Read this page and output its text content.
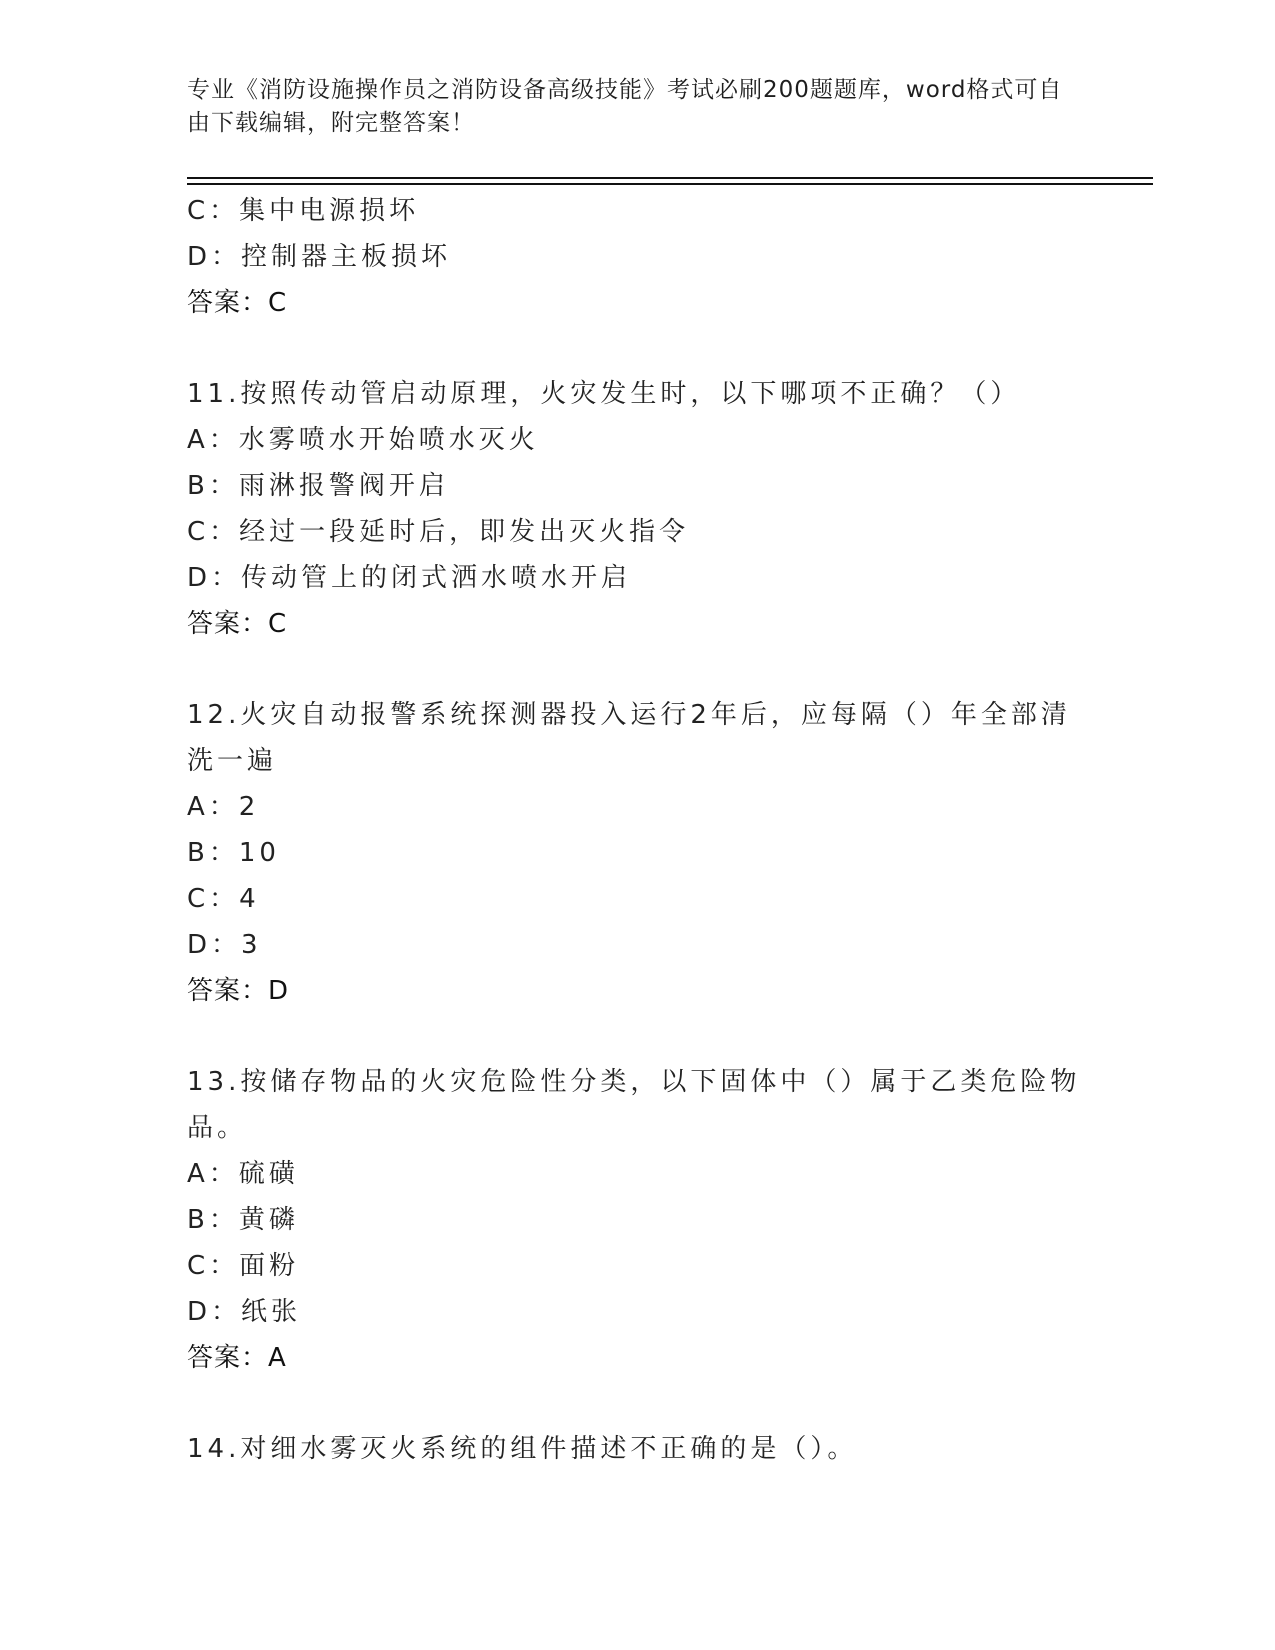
专业《消防设施操作员之消防设备高级技能》考试必刷200题题库，word格式可自由下载编辑，附完整答案！
C：集中电源损坏
D：控制器主板损坏
答案：C
11.按照传动管启动原理，火灾发生时，以下哪项不正确？（）
A：水雾喷水开始喷水灭火
B：雨淋报警阀开启
C：经过一段延时后，即发出灭火指令
D：传动管上的闭式洒水喷水开启
答案：C
12.火灾自动报警系统探测器投入运行2年后，应每隔（）年全部清洗一遍
A：2
B：10
C：4
D：3
答案：D
13.按储存物品的火灾危险性分类，以下固体中（）属于乙类危险物品。
A：硫磺
B：黄磷
C：面粉
D：纸张
答案：A
14.对细水雾灭火系统的组件描述不正确的是（）。
